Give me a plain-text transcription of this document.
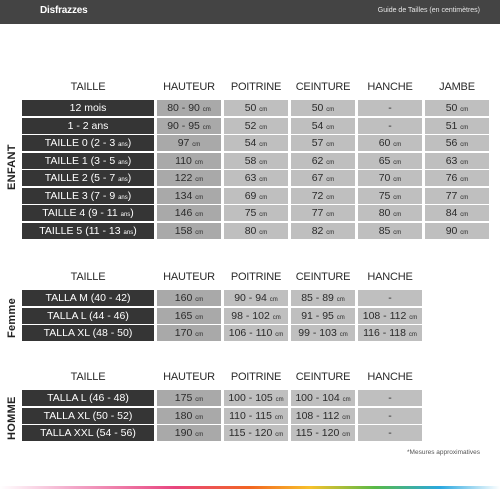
Disfrazzes	Guide de Tailles (en centimètres)
ENFANT
TAILLE	HAUTEUR	POITRINE	CEINTURE	HANCHE	JAMBE
12 mois	80 - 90 cm	50 cm	50 cm	-	50 cm
1 - 2 ans	90 - 95 cm	52 cm	54 cm	-	51 cm
TAILLE 0 (2 - 3 ans)	97 cm	54 cm	57 cm	60 cm	56 cm
TAILLE 1 (3 - 5 ans)	110 cm	58 cm	62 cm	65 cm	63 cm
TAILLE 2 (5 - 7 ans)	122 cm	63 cm	67 cm	70 cm	76 cm
TAILLE 3 (7 - 9 ans)	134 cm	69 cm	72 cm	75 cm	77 cm
TAILLE 4 (9 - 11 ans)	146 cm	75 cm	77 cm	80 cm	84 cm
TAILLE 5 (11 - 13 ans)	158 cm	80 cm	82 cm	85 cm	90 cm
Femme
TAILLE	HAUTEUR	POITRINE	CEINTURE	HANCHE
TALLA M (40 - 42)	160 cm	90 - 94 cm	85 - 89 cm	-
TALLA L (44 - 46)	165 cm	98 - 102 cm	91 - 95 cm	108 - 112 cm
TALLA XL (48 - 50)	170 cm	106 - 110 cm	99 - 103 cm	116 - 118 cm
HOMME
TAILLE	HAUTEUR	POITRINE	CEINTURE	HANCHE
TALLA L (46 - 48)	175 cm	100 - 105 cm	100 - 104 cm	-
TALLA XL (50 - 52)	180 cm	110 - 115 cm	108 - 112 cm	-
TALLA XXL (54 - 56)	190 cm	115 - 120 cm	115 - 120 cm	-
*Mesures approximatives
